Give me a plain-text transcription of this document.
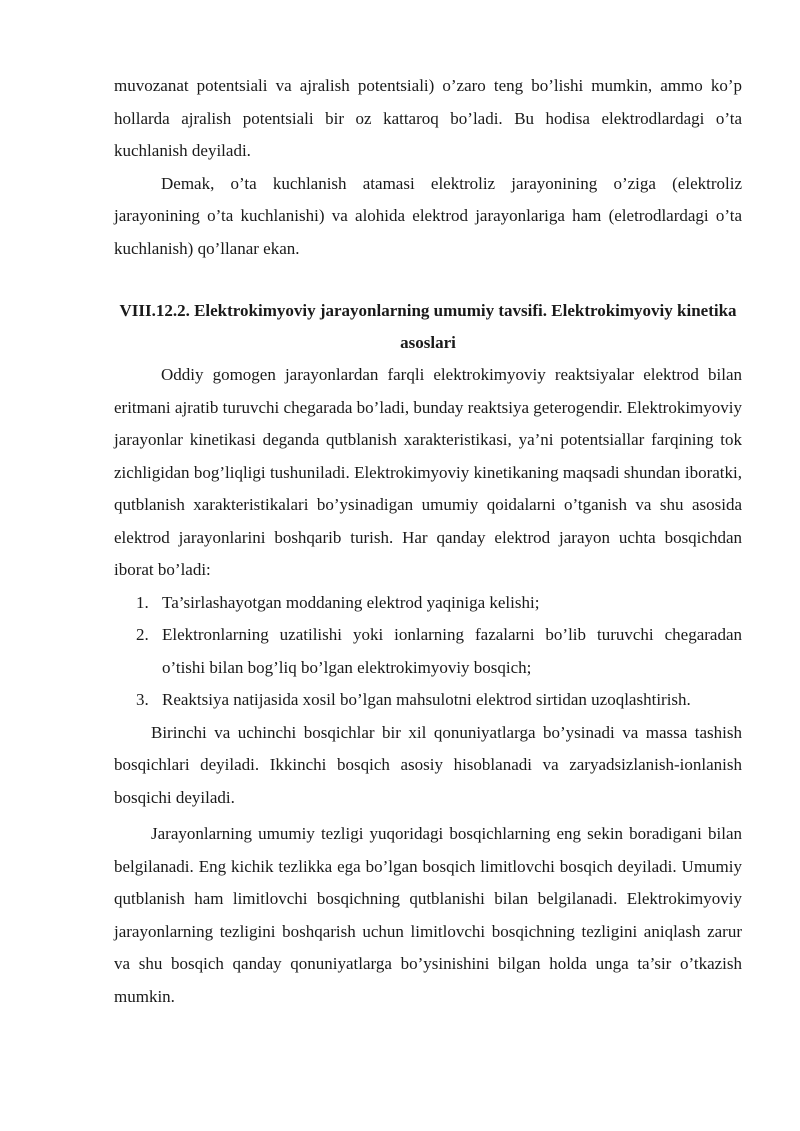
muvozanat potentsiali va ajralish potentsiali) o’zaro teng bo’lishi mumkin, ammo ko’p hollarda ajralish potentsiali bir oz kattaroq bo’ladi. Bu hodisa elektrodlardagi o’ta kuchlanish deyiladi.

Demak, o’ta kuchlanish atamasi elektroliz jarayonining o’ziga (elektroliz jarayonining o’ta kuchlanishi) va alohida elektrod jarayonlariga ham (eletrodlardagi o’ta kuchlanish) qo’llanar ekan.

VIII.12.2. Elektrokimyoviy jarayonlarning umumiy tavsifi. Elektrokimyoviy kinetika asoslari

Oddiy gomogen jarayonlardan farqli elektrokimyoviy reaktsiyalar elektrod bilan eritmani ajratib turuvchi chegarada bo’ladi, bunday reaktsiya geterogendir. Elektrokimyoviy jarayonlar kinetikasi deganda qutblanish xarakteristikasi, ya’ni potentsiallar farqining tok zichligidan bog’liqligi tushuniladi. Elektrokimyoviy kinetikaning maqsadi shundan iboratki, qutblanish xarakteristikalari bo’ysinadigan umumiy qoidalarni o’tganish va shu asosida elektrod jarayonlarini boshqarib turish. Har qanday elektrod jarayon uchta bosqichdan iborat bo’ladi:

1. Ta’sirlashayotgan moddaning elektrod yaqiniga kelishi;
2. Elektronlarning uzatilishi yoki ionlarning fazalarni bo’lib turuvchi chegaradan o’tishi bilan bog’liq bo’lgan elektrokimyoviy bosqich;
3. Reaktsiya natijasida xosil bo’lgan mahsulotni elektrod sirtidan uzoqlashtirish.

Birinchi va uchinchi bosqichlar bir xil qonuniyatlarga bo’ysinadi va massa tashish bosqichlari deyiladi. Ikkinchi bosqich asosiy hisoblanadi va zaryadsizlanish-ionlanish bosqichi deyiladi.

Jarayonlarning umumiy tezligi yuqoridagi bosqichlarning eng sekin boradigani bilan belgilanadi. Eng kichik tezlikka ega bo’lgan bosqich limitlovchi bosqich deyiladi. Umumiy qutblanish ham limitlovchi bosqichning qutblanishi bilan belgilanadi. Elektrokimyoviy jarayonlarning tezligini boshqarish uchun limitlovchi bosqichning tezligini aniqlash zarur va shu bosqich qanday qonuniyatlarga bo’ysinishini bilgan holda unga ta’sir o’tkazish mumkin.
